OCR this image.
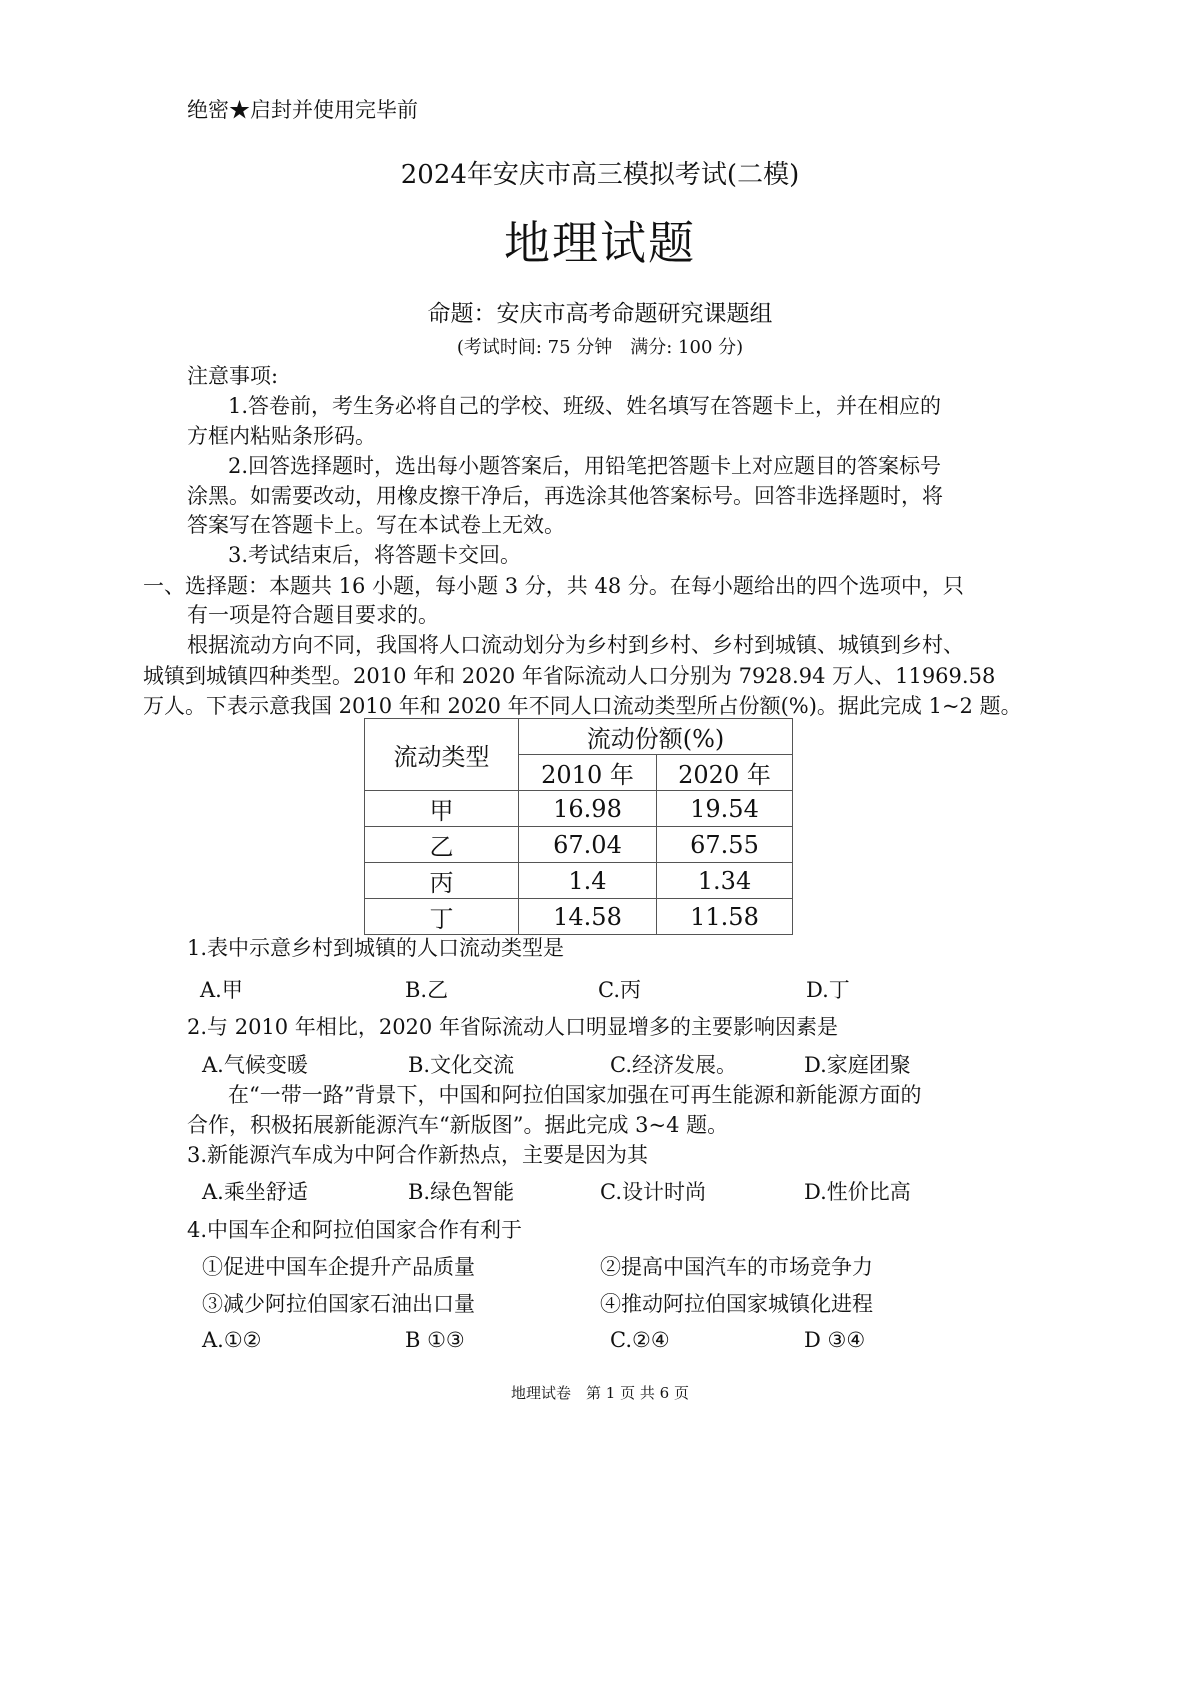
绝密★启封并使用完毕前
2024年安庆市高三模拟考试(二模)
地理试题
命题：安庆市高考命题研究课题组
(考试时间: 75 分钟　满分: 100 分)
注意事项:
1.答卷前，考生务必将自己的学校、班级、姓名填写在答题卡上，并在相应的
方框内粘贴条形码。
2.回答选择题时，选出每小题答案后，用铅笔把答题卡上对应题目的答案标号
涂黑。如需要改动，用橡皮擦干净后，再选涂其他答案标号。回答非选择题时，将
答案写在答题卡上。写在本试卷上无效。
3.考试结束后，将答题卡交回。
一、选择题：本题共 16 小题，每小题 3 分，共 48 分。在每小题给出的四个选项中，只
有一项是符合题目要求的。
根据流动方向不同，我国将人口流动划分为乡村到乡村、乡村到城镇、城镇到乡村、
城镇到城镇四种类型。2010 年和 2020 年省际流动人口分别为 7928.94 万人、11969.58
万人。下表示意我国 2010 年和 2020 年不同人口流动类型所占份额(%)。据此完成 1~2 题。
流动类型	流动份额(%)	
	2010 年	2020 年
甲	16.98	19.54
乙	67.04	67.55
丙	1.4	1.34
丁	14.58	11.58
1.表中示意乡村到城镇的人口流动类型是
A.甲	B.乙	C.丙	D.丁
2.与 2010 年相比，2020 年省际流动人口明显增多的主要影响因素是
A.气候变暖	B.文化交流	C.经济发展。	D.家庭团聚
在“一带一路”背景下，中国和阿拉伯国家加强在可再生能源和新能源方面的
合作，积极拓展新能源汽车“新版图”。据此完成 3~4 题。
3.新能源汽车成为中阿合作新热点，主要是因为其
A.乘坐舒适	B.绿色智能	C.设计时尚	D.性价比高
4.中国车企和阿拉伯国家合作有利于
①促进中国车企提升产品质量	②提高中国汽车的市场竞争力
③减少阿拉伯国家石油出口量	④推动阿拉伯国家城镇化进程
A.①②	B ①③	C.②④	D ③④
地理试卷　第 1 页 共 6 页
